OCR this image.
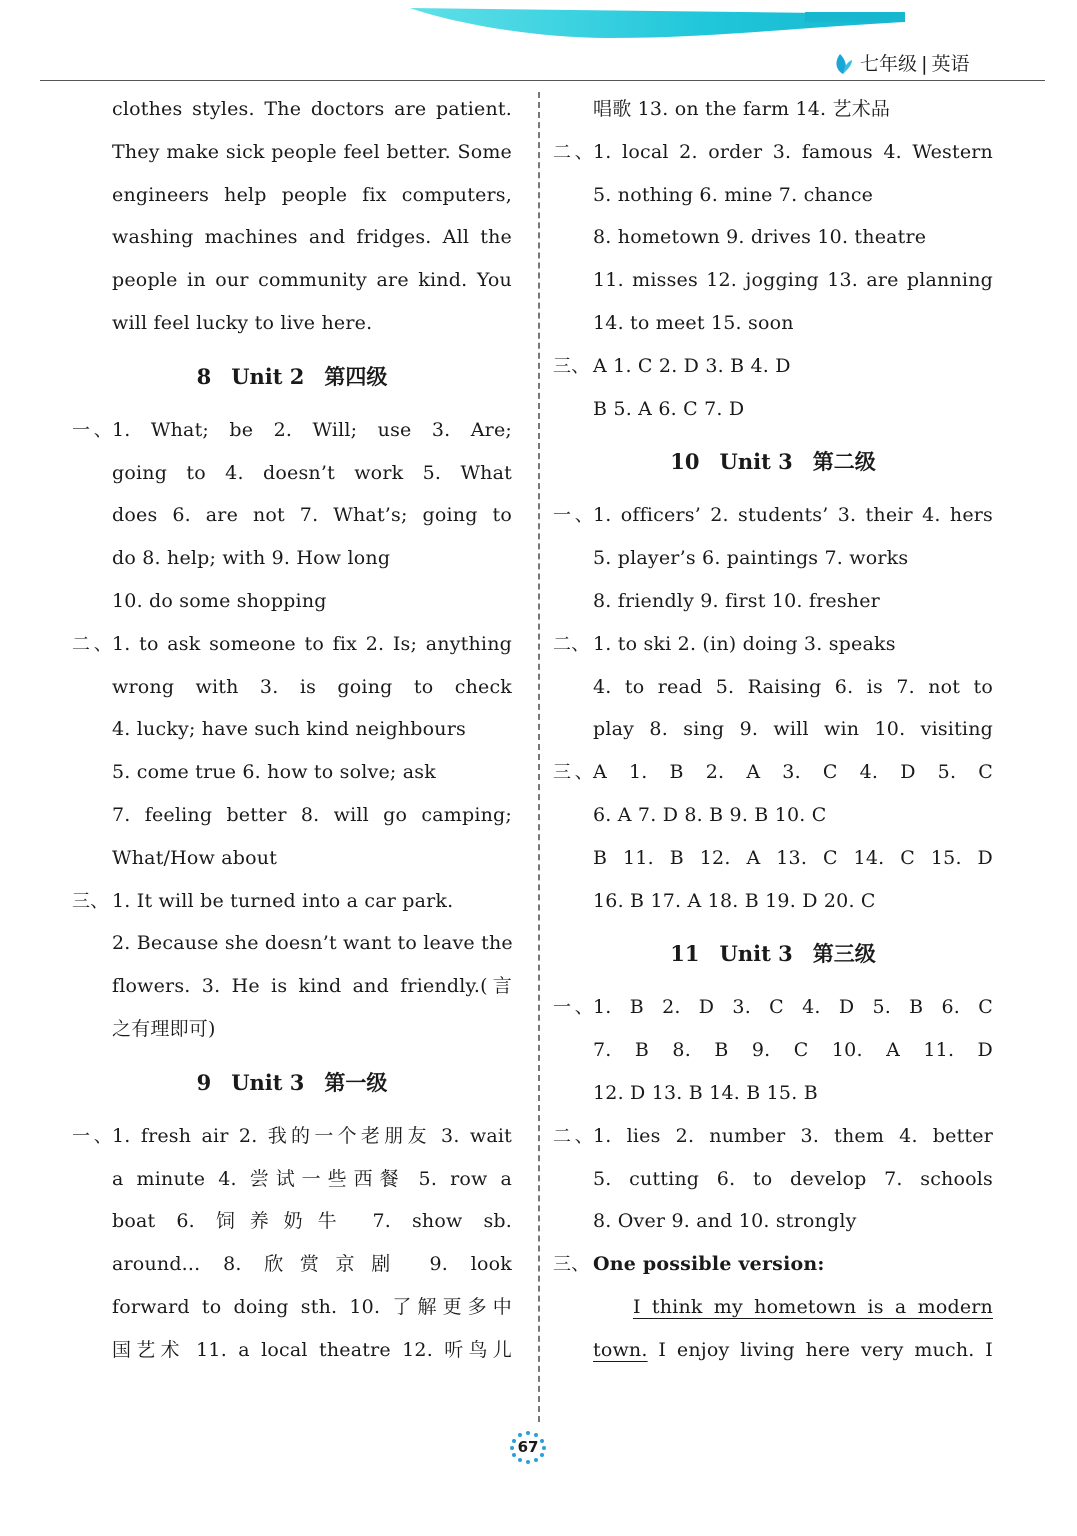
七年级 | 英语
clothes styles. The doctors are patient.
They make sick people feel better. Some
engineers help people fix computers,
washing machines and fridges. All the
people in our community are kind. You
will feel lucky to live here.
8 Unit 2 第四级
一、1. What; be 2. Will; use 3. Are;
going to 4. doesn’t work 5. What
does 6. are not 7. What’s; going to
do 8. help; with 9. How long
10. do some shopping
二、1. to ask someone to fix 2. Is; anything
wrong with 3. is going to check
4. lucky; have such kind neighbours
5. come true 6. how to solve; ask
7. feeling better 8. will go camping;
What/How about
三、 1. It will be turned into a car park.
2. Because she doesn’t want to leave the
flowers. 3. He is kind and friendly.(言
之有理即可)
9 Unit 3 第一级
一、1. fresh air 2. 我的一个老朋友 3. wait
a minute 4. 尝试一些西餐 5. row a
boat 6. 饲养奶牛 7. show sb.
around... 8. 欣赏京剧 9. look
forward to doing sth. 10. 了解更多中
国艺术 11. a local theatre 12. 听鸟儿
唱歌 13. on the farm 14. 艺术品
二、1. local 2. order 3. famous 4. Western
5. nothing 6. mine 7. chance
8. hometown 9. drives 10. theatre
11. misses 12. jogging 13. are planning
14. to meet 15. soon
三、 A 1. C 2. D 3. B 4. D
B 5. A 6. C 7. D
10 Unit 3 第二级
一、1. officers’ 2. students’ 3. their 4. hers
5. player’s 6. paintings 7. works
8. friendly 9. first 10. fresher
二、 1. to ski 2. (in) doing 3. speaks
4. to read 5. Raising 6. is 7. not to
play 8. sing 9. will win 10. visiting
三、A 1. B 2. A 3. C 4. D 5. C
6. A 7. D 8. B 9. B 10. C
B 11. B 12. A 13. C 14. C 15. D
16. B 17. A 18. B 19. D 20. C
11 Unit 3 第三级
一、1. B 2. D 3. C 4. D 5. B 6. C
7. B 8. B 9. C 10. A 11. D
12. D 13. B 14. B 15. B
二、1. lies 2. number 3. them 4. better
5. cutting 6. to develop 7. schools
8. Over 9. and 10. strongly
三、 One possible version:
I think my hometown is a modern
town. I enjoy living here very much. I
67
